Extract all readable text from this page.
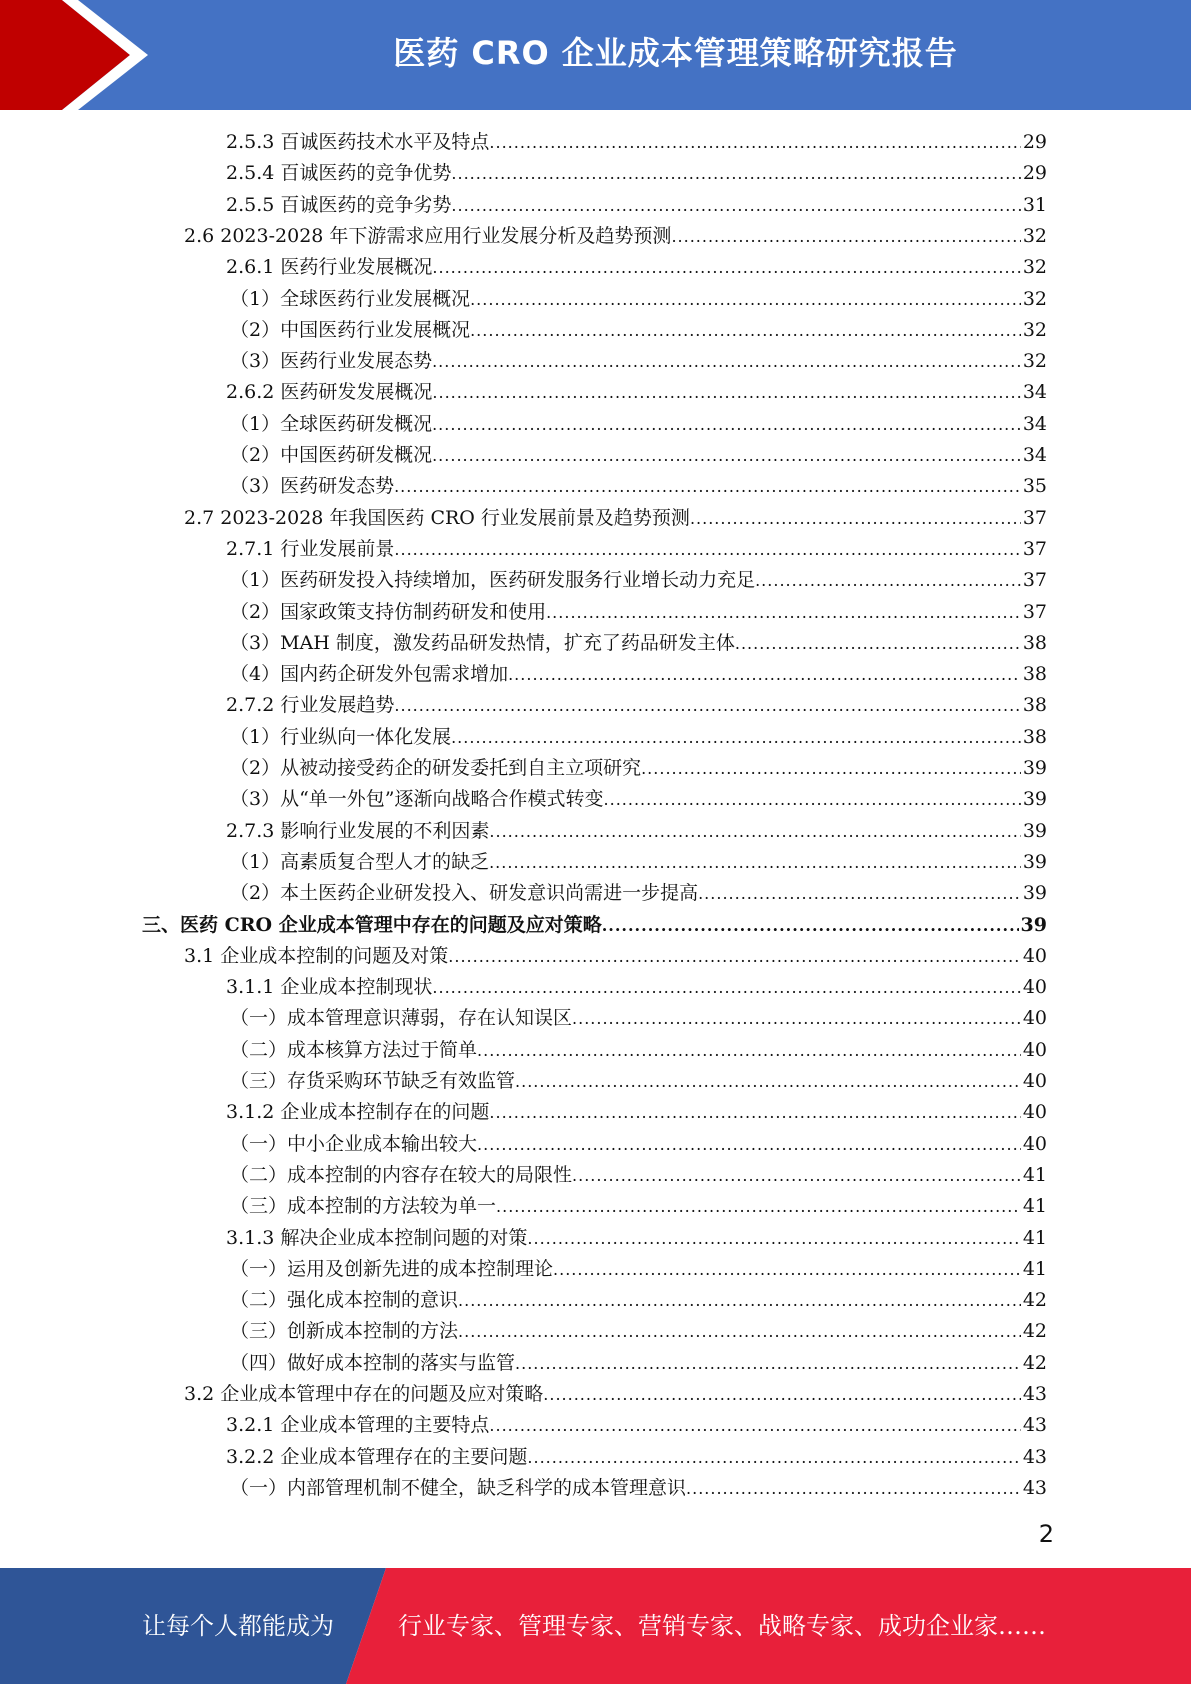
医药 CRO 企业成本管理策略研究报告
2.5.3 百诚医药技术水平及特点 .....	29
2.5.4 百诚医药的竞争优势 .....	29
2.5.5 百诚医药的竞争劣势 .....	31
2.6 2023-2028 年下游需求应用行业发展分析及趋势预测 .....	32
2.6.1 医药行业发展概况 .....	32
（1）全球医药行业发展概况 .....	32
（2）中国医药行业发展概况 .....	32
（3）医药行业发展态势 .....	32
2.6.2 医药研发发展概况 .....	34
（1）全球医药研发概况 .....	34
（2）中国医药研发概况 .....	34
（3）医药研发态势 .....	35
2.7 2023-2028 年我国医药 CRO 行业发展前景及趋势预测 .....	37
2.7.1 行业发展前景 .....	37
（1）医药研发投入持续增加，医药研发服务行业增长动力充足 .....	37
（2）国家政策支持仿制药研发和使用 .....	37
（3）MAH 制度，激发药品研发热情，扩充了药品研发主体 .....	38
（4）国内药企研发外包需求增加 .....	38
2.7.2 行业发展趋势 .....	38
（1）行业纵向一体化发展 .....	38
（2）从被动接受药企的研发委托到自主立项研究 .....	39
（3）从“单一外包”逐渐向战略合作模式转变 .....	39
2.7.3 影响行业发展的不利因素 .....	39
（1）高素质复合型人才的缺乏 .....	39
（2）本土医药企业研发投入、研发意识尚需进一步提高 .....	39
三、医药 CRO 企业成本管理中存在的问题及应对策略 .....	39
3.1 企业成本控制的问题及对策 .....	40
3.1.1 企业成本控制现状 .....	40
（一）成本管理意识薄弱，存在认知误区 .....	40
（二）成本核算方法过于简单 .....	40
（三）存货采购环节缺乏有效监管 .....	40
3.1.2 企业成本控制存在的问题 .....	40
（一）中小企业成本输出较大 .....	40
（二）成本控制的内容存在较大的局限性 .....	41
（三）成本控制的方法较为单一 .....	41
3.1.3 解决企业成本控制问题的对策 .....	41
（一）运用及创新先进的成本控制理论 .....	41
（二）强化成本控制的意识 .....	42
（三）创新成本控制的方法 .....	42
（四）做好成本控制的落实与监管 .....	42
3.2 企业成本管理中存在的问题及应对策略 .....	43
3.2.1 企业成本管理的主要特点 .....	43
3.2.2 企业成本管理存在的主要问题 .....	43
（一）内部管理机制不健全，缺乏科学的成本管理意识 .....	43
2
让每个人都能成为	行业专家、管理专家、营销专家、战略专家、成功企业家……
